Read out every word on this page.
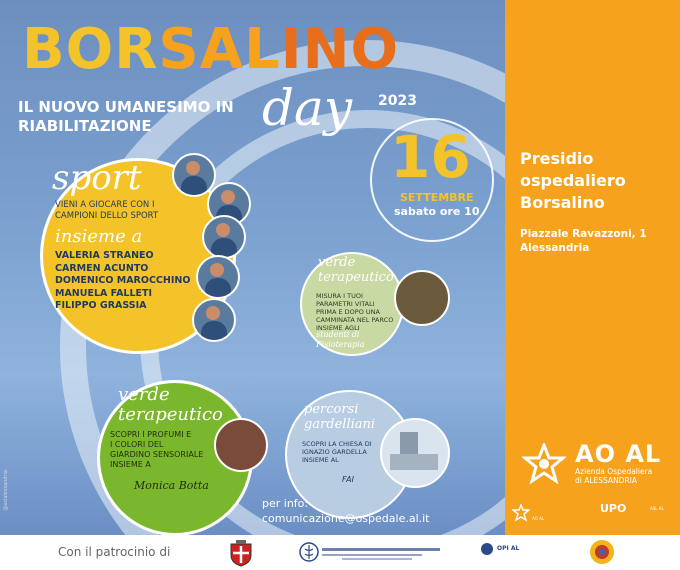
BORSALINO
IL NUOVO UMANESIMO IN
RIABILITAZIONE	day 2023
16
SETTEMBRE
sabato ore 10
sport
VIENI A GIOCARE CON I
CAMPIONI DELLO SPORT
insieme a
VALERIA STRANEO
CARMEN ACUNTO
DOMENICO MAROCCHINO
MANUELA FALLETI
FILIPPO GRASSIA
verde
terapeutico
MISURA I TUOI
PARAMETRI VITALI
PRIMA E DOPO UNA
CAMMINATA NEL PARCO
INSIEME AGLI
studenti di
Fisioterapia
verde
terapeutico
SCOPRI I PROFUMI E
I COLORI DEL
GIARDINO SENSORIALE
INSIEME A
Monica Botta
percorsi
gardelliani
SCOPRI LA CHIESA DI
IGNAZIO GARDELLA
INSIEME AL
FAI
per info:
comunicazione@ospedale.al.it
@aslalessandria
Presidio
ospedaliero
Borsalino
Piazzale Ravazzoni, 1
Alessandria
AO AL
Azienda Ospedaliera
di ALESSANDRIA
AO AL
UPO	ASL AL
Con il patrocinio di	OPI AL
